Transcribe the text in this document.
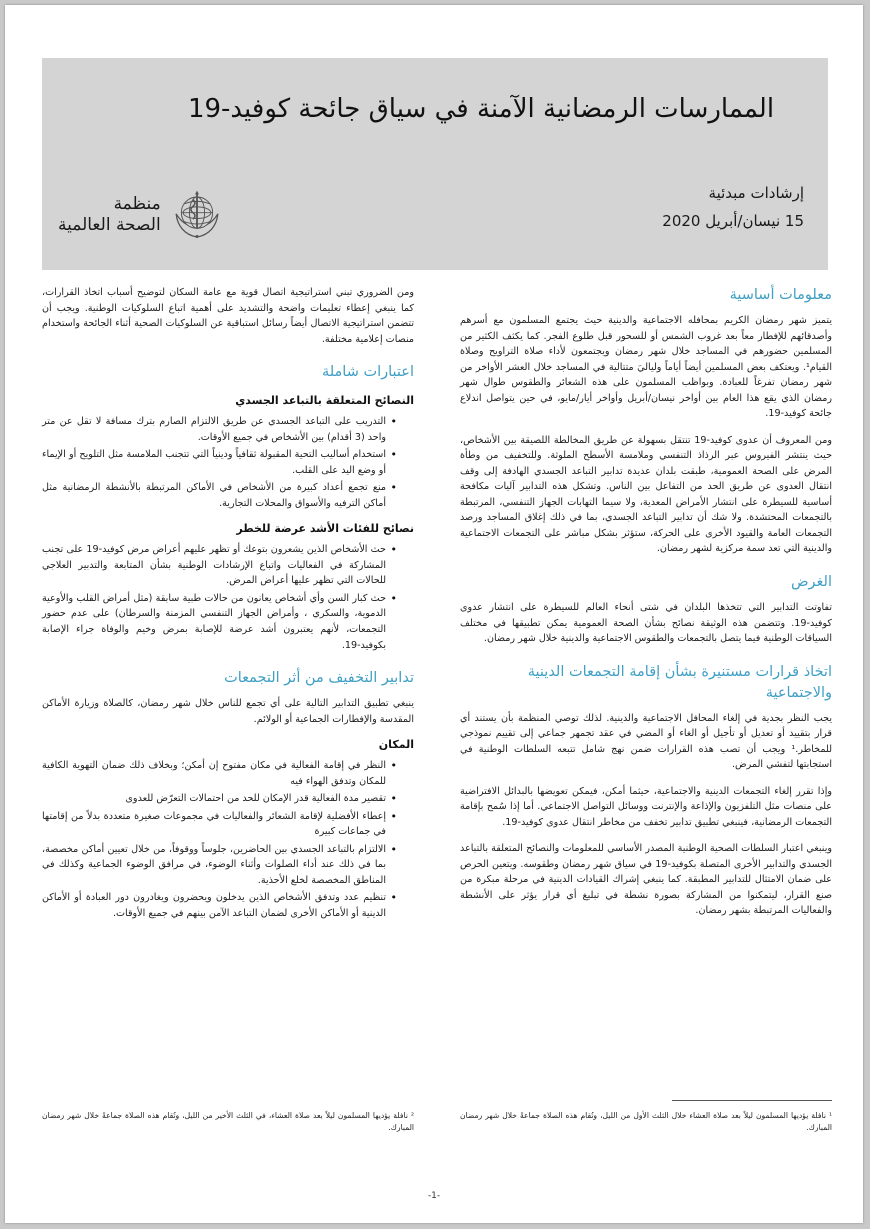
الممارسات الرمضانية الآمنة في سياق جائحة كوفيد-19
إرشادات مبدئية
15 نيسان/أبريل 2020
منظمة
الصحة العالمية
معلومات أساسية

يتميز شهر رمضان الكريم بمحافله الاجتماعية والدينية حيث يجتمع المسلمون مع أسرهم وأصدقائهم للإفطار معاً بعد غروب الشمس أو للسحور قبل طلوع الفجر. كما يكثف الكثير من المسلمين حضورهم في المساجد خلال شهر رمضان ويجتمعون لأداء صلاة التراويح وصلاة القيام¹. ويعتكف بعض المسلمين أيضاً أياماً ولياليَ متتالية في المساجد خلال العشر الأواخر من شهر رمضان تفرغاً للعبادة. وبواظب المسلمون على هذه الشعائر والطقوس طوال شهر رمضان الذي يقع هذا العام بين أواخر نيسان/أبريل وأواخر أيار/مايو، في حين يتواصل اندلاع جائحة كوفيد-19.

ومن المعروف أن عدوى كوفيد-19 تنتقل بسهولة عن طريق المخالطة اللصيقة بين الأشخاص، حيث ينتشر الفيروس عبر الرذاذ التنفسي وملامسة الأسطح الملوثة. وللتخفيف من وطأة المرض على الصحة العمومية، طبقت بلدان عديدة تدابير التباعد الجسدي الهادفة إلى وقف انتقال العدوى عن طريق الحد من التفاعل بين الناس. وتشكل هذه التدابير آليات مكافحة أساسية للسيطرة على انتشار الأمراض المعدية، ولا سيما التهابات الجهاز التنفسي، المرتبطة بالتجمعات المحتشدة. ولا شك أن تدابير التباعد الجسدي، بما في ذلك إغلاق المساجد ورصد التجمعات العامة والقيود الأخرى على الحركة، ستؤثر بشكل مباشر على التجمعات الاجتماعية والدينية التي تعد سمة مركزية لشهر رمضان.

الغرض

تفاوتت التدابير التي تتخذها البلدان في شتى أنحاء العالم للسيطرة على انتشار عدوى كوفيد-19. وتتضمن هذه الوثيقة نصائح بشأن الصحة العمومية يمكن تطبيقها في مختلف السياقات الوطنية فيما يتصل بالتجمعات والطقوس الاجتماعية والدينية خلال شهر رمضان.

اتخاذ قرارات مستنيرة بشأن إقامة التجمعات الدينية والاجتماعية

يجب النظر بجدية في إلغاء المحافل الاجتماعية والدينية. لذلك توصي المنظمة بأن يستند أي قرار بتقييد أو تعديل أو تأجيل أو الغاء أو المضي في عقد تجمهر جماعي إلى تقييم نموذجي للمخاطر.¹ ويجب أن تصب هذه القرارات ضمن نهج شامل تتبعه السلطات الوطنية في استجابتها لتفشي المرض.

وإذا تقرر إلغاء التجمعات الدينية والاجتماعية، حيثما أمكن، فيمكن تعويضها بالبدائل الافتراضية على منصات مثل التلفزيون والإذاعة والإنترنت ووسائل التواصل الاجتماعي. أما إذا سُمح بإقامة التجمعات الرمضانية، فينبغي تطبيق تدابير تخفف من مخاطر انتقال عدوى كوفيد-19.

وينبغي اعتبار السلطات الصحية الوطنية المصدر الأساسي للمعلومات والنصائح المتعلقة بالتباعد الجسدي والتدابير الأخرى المتصلة بكوفيد-19 في سياق شهر رمضان وطقوسه. ويتعين الحرص على ضمان الامتثال للتدابير المطبقة. كما ينبغي إشراك القيادات الدينية في مرحلة مبكرة من صنع القرار، ليتمكنوا من المشاركة بصورة نشطة في تبليغ أي قرار يؤثر على الأنشطة والفعاليات المرتبطة بشهر رمضان.

ومن الضروري تبني استراتيجية اتصال قوية مع عامة السكان لتوضيح أسباب اتخاذ القرارات، كما ينبغي إعطاء تعليمات واضحة والتشديد على أهمية اتباع السلوكيات الوطنية. ويجب أن تتضمن استراتيجية الاتصال أيضاً رسائل استباقية عن السلوكيات الصحية أثناء الجائحة واستخدام منصات إعلامية مختلفة.

اعتبارات شاملة
النصائح المتعلقة بالتباعد الجسدي
• التدريب على التباعد الجسدي عن طريق الالتزام الصارم بترك مسافة لا تقل عن متر واحد (3 أقدام) بين الأشخاص في جميع الأوقات.
• استخدام أساليب التحية المقبولة ثقافياً ودينياً التي تتجنب الملامسة مثل التلويح أو الإيماء أو وضع اليد على القلب.
• منع تجمع أعداد كبيرة من الأشخاص في الأماكن المرتبطة بالأنشطة الرمضانية مثل أماكن الترفيه والأسواق والمحلات التجارية.
نصائح للفئات الأشد عرضة للخطر
• حث الأشخاص الذين يشعرون بتوعك أو تظهر عليهم أعراض مرض كوفيد-19 على تجنب المشاركة في الفعاليات واتباع الإرشادات الوطنية بشأن المتابعة والتدبير العلاجي للحالات التي تظهر عليها أعراض المرض.
• حث كبار السن وأي أشخاص يعانون من حالات طبية سابقة (مثل أمراض القلب والأوعية الدموية، والسكري ، وأمراض الجهاز التنفسي المزمنة والسرطان) على عدم حضور التجمعات، لأنهم يعتبرون أشد عرضة للإصابة بمرض وخيم والوفاة جراء الإصابة بكوفيد-19.
تدابير التخفيف من أثر التجمعات

ينبغي تطبيق التدابير التالية على أي تجمع للناس خلال شهر رمضان، كالصلاة وزيارة الأماكن المقدسة والإفطارات الجماعية أو الولائم.

المكان
• النظر في إقامة الفعالية في مكان مفتوح إن أمكن؛ وبخلاف ذلك ضمان التهوية الكافية للمكان وتدفق الهواء فيه
• تقصير مدة الفعالية قدر الإمكان للحد من احتمالات التعرّض للعدوى
• إعطاء الأفضلية لإقامة الشعائر والفعاليات في مجموعات صغيرة متعددة بدلاً من إقامتها في جماعات كبيرة
• الالتزام بالتباعد الجسدي بين الحاضرين، جلوساً ووقوفاً، من خلال تعيين أماكن مخصصة، بما في ذلك عند أداء الصلوات وأثناء الوضوء، في مرافق الوضوء الجماعية وكذلك في المناطق المخصصة لخلع الأحذية.
• تنظيم عدد وتدفق الأشخاص الذين يدخلون ويحضرون ويغادرون دور العبادة أو الأماكن الدينية أو الأماكن الأخرى لضمان التباعد الآمن بينهم في جميع الأوقات.

¹ نافلة يؤديها المسلمون ليلاً بعد صلاة العشاء خلال الثلث الأول من الليل، وتُقام هذه الصلاة جماعةً خلال شهر رمضان المبارك.

² نافلة يؤديها المسلمون ليلاً بعد صلاة العشاء، في الثلث الأخير من الليل، وتُقام هذه الصلاة جماعةً خلال شهر رمضان المبارك.

-1-
